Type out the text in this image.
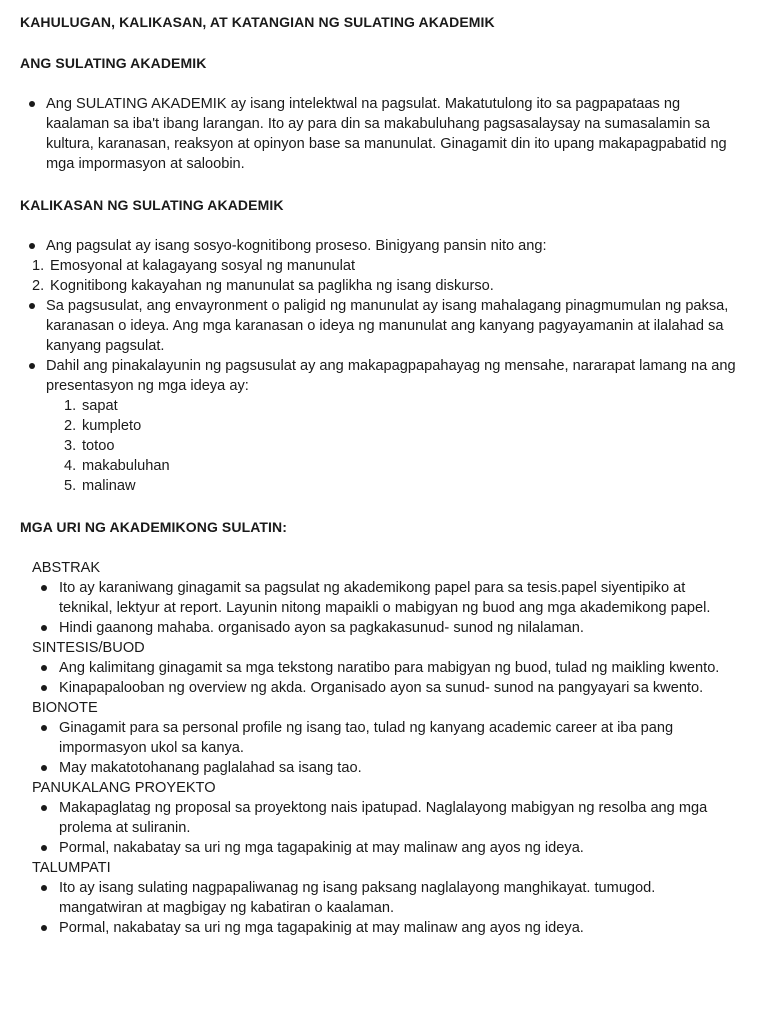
KAHULUGAN, KALIKASAN, AT KATANGIAN NG SULATING AKADEMIK
ANG SULATING AKADEMIK
Ang SULATING AKADEMIK ay isang intelektwal na pagsulat. Makatutulong ito sa pagpapataas ng kaalaman sa iba't ibang larangan. Ito ay para din sa makabuluhang pagsasalaysay na sumasalamin sa kultura, karanasan, reaksyon at opinyon base sa manunulat. Ginagamit din ito upang makapagpabatid ng mga impormasyon at saloobin.
KALIKASAN NG SULATING AKADEMIK
Ang pagsulat ay isang sosyo-kognitibong proseso. Binigyang pansin nito ang:
1. Emosyonal at kalagayang sosyal ng manunulat
2. Kognitibong kakayahan ng manunulat sa paglikha ng isang diskurso.
Sa pagsusulat, ang envayronment o paligid ng manunulat ay isang mahalagang pinagmumulan ng paksa, karanasan o ideya. Ang mga karanasan o ideya ng manunulat ang kanyang pagyayamanin at ilalahad sa kanyang pagsulat.
Dahil ang pinakalayunin ng pagsusulat ay ang makapagpapahayag ng mensahe, nararapat lamang na ang presentasyon ng mga ideya ay:
1. sapat
2. kumpleto
3. totoo
4. makabuluhan
5. malinaw
MGA URI NG AKADEMIKONG SULATIN:
ABSTRAK
Ito ay karaniwang ginagamit sa pagsulat ng akademikong papel para sa tesis.papel siyentipiko at teknikal, lektyur at report. Layunin nitong mapaikli o mabigyan ng buod ang mga akademikong papel.
Hindi gaanong mahaba. organisado ayon sa pagkakasunud- sunod ng nilalaman.
SINTESIS/BUOD
Ang kalimitang ginagamit sa mga tekstong naratibo para mabigyan ng buod, tulad ng maikling kwento.
Kinapapalooban ng overview ng akda. Organisado ayon sa sunud- sunod na pangyayari sa kwento.
BIONOTE
Ginagamit para sa personal profile ng isang tao, tulad ng kanyang academic career at iba pang impormasyon ukol sa kanya.
May makatotohanang paglalahad sa isang tao.
PANUKALANG PROYEKTO
Makapaglatag ng proposal sa proyektong nais ipatupad. Naglalayong mabigyan ng resolba ang mga prolema at suliranin.
Pormal, nakabatay sa uri ng mga tagapakinig at may malinaw ang ayos ng ideya.
TALUMPATI
Ito ay isang sulating nagpapaliwanag ng isang paksang naglalayong manghikayat. tumugod. mangatwiran at magbigay ng kabatiran o kaalaman.
Pormal, nakabatay sa uri ng mga tagapakinig at may malinaw ang ayos ng ideya.
